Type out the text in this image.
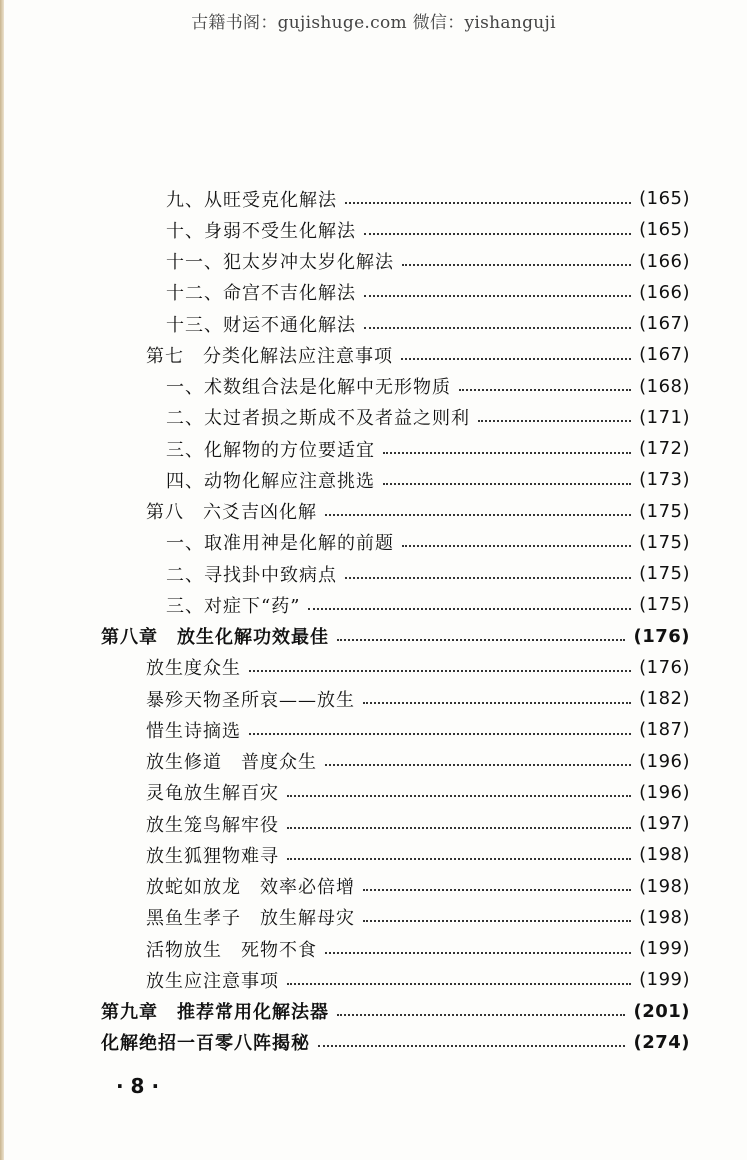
古籍书阁：gujishuge.com 微信：yishanguji
九、从旺受克化解法	(165)
十、身弱不受生化解法	(165)
十一、犯太岁冲太岁化解法	(166)
十二、命宫不吉化解法	(166)
十三、财运不通化解法	(167)
第七　分类化解法应注意事项	(167)
一、术数组合法是化解中无形物质	(168)
二、太过者损之斯成不及者益之则利	(171)
三、化解物的方位要适宜	(172)
四、动物化解应注意挑选	(173)
第八　六爻吉凶化解	(175)
一、取准用神是化解的前题	(175)
二、寻找卦中致病点	(175)
三、对症下“药”	(175)
第八章　放生化解功效最佳	(176)
放生度众生	(176)
暴殄天物圣所哀——放生	(182)
惜生诗摘选	(187)
放生修道　普度众生	(196)
灵龟放生解百灾	(196)
放生笼鸟解牢役	(197)
放生狐狸物难寻	(198)
放蛇如放龙　效率必倍增	(198)
黑鱼生孝子　放生解母灾	(198)
活物放生　死物不食	(199)
放生应注意事项	(199)
第九章　推荐常用化解法器	(201)
化解绝招一百零八阵揭秘	(274)
· 8 ·
